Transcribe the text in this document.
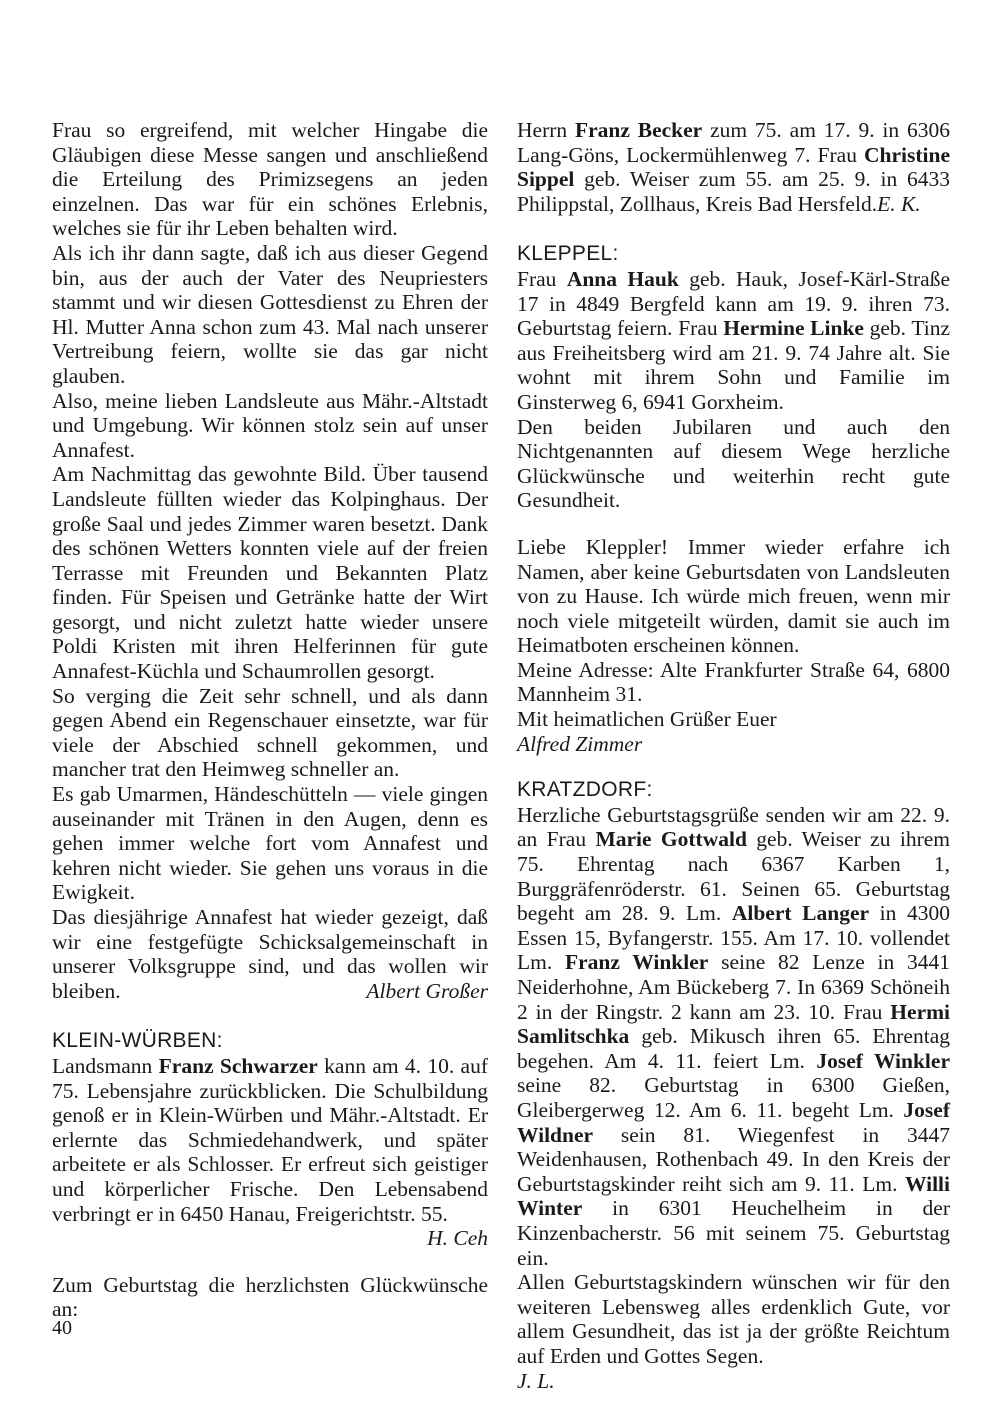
Frau so ergreifend, mit welcher Hingabe die Gläubigen diese Messe sangen und anschließend die Erteilung des Primizsegens an jeden einzelnen. Das war für ein schönes Erlebnis, welches sie für ihr Leben behalten wird.

Als ich ihr dann sagte, daß ich aus dieser Gegend bin, aus der auch der Vater des Neupriesters stammt und wir diesen Gottesdienst zu Ehren der Hl. Mutter Anna schon zum 43. Mal nach unserer Vertreibung feiern, wollte sie das gar nicht glauben.

Also, meine lieben Landsleute aus Mähr.-Altstadt und Umgebung. Wir können stolz sein auf unser Annafest.

Am Nachmittag das gewohnte Bild. Über tausend Landsleute füllten wieder das Kolpinghaus. Der große Saal und jedes Zimmer waren besetzt. Dank des schönen Wetters konnten viele auf der freien Terrasse mit Freunden und Bekannten Platz finden. Für Speisen und Getränke hatte der Wirt gesorgt, und nicht zuletzt hatte wieder unsere Poldi Kristen mit ihren Helferinnen für gute Annafest-Küchla und Schaumrollen gesorgt.

So verging die Zeit sehr schnell, und als dann gegen Abend ein Regenschauer einsetzte, war für viele der Abschied schnell gekommen, und mancher trat den Heimweg schneller an.

Es gab Umarmen, Händeschütteln — viele gingen auseinander mit Tränen in den Augen, denn es gehen immer welche fort vom Annafest und kehren nicht wieder. Sie gehen uns voraus in die Ewigkeit.

Das diesjährige Annafest hat wieder gezeigt, daß wir eine festgefügte Schicksalgemeinschaft in unserer Volksgruppe sind, und das wollen wir bleiben.	Albert Großer

KLEIN-WÜRBEN:

Landsmann Franz Schwarzer kann am 4. 10. auf 75. Lebensjahre zurückblicken. Die Schulbildung genoß er in Klein-Würben und Mähr.-Altstadt. Er erlernte das Schmiedehandwerk, und später arbeitete er als Schlosser. Er erfreut sich geistiger und körperlicher Frische. Den Lebensabend verbringt er in 6450 Hanau, Freigerichtstr. 55.
H. Ceh

Zum Geburtstag die herzlichsten Glückwünsche an:

40

Herrn Franz Becker zum 75. am 17. 9. in 6306 Lang-Göns, Lockermühlenweg 7. Frau Christine Sippel geb. Weiser zum 55. am 25. 9. in 6433 Philippstal, Zollhaus, Kreis Bad Hersfeld.E. K.

KLEPPEL:

Frau Anna Hauk geb. Hauk, Josef-Kärl-Straße 17 in 4849 Bergfeld kann am 19. 9. ihren 73. Geburtstag feiern. Frau Hermine Linke geb. Tinz aus Freiheitsberg wird am 21. 9. 74 Jahre alt. Sie wohnt mit ihrem Sohn und Familie im Ginsterweg 6, 6941 Gorxheim.

Den beiden Jubilaren und auch den Nichtgenannten auf diesem Wege herzliche Glückwünsche und weiterhin recht gute Gesundheit.

Liebe Kleppler! Immer wieder erfahre ich Namen, aber keine Geburtsdaten von Landsleuten von zu Hause. Ich würde mich freuen, wenn mir noch viele mitgeteilt würden, damit sie auch im Heimatboten erscheinen können.

Meine Adresse: Alte Frankfurter Straße 64, 6800 Mannheim 31.

Mit heimatlichen Grüßer Euer

Alfred Zimmer

KRATZDORF:

Herzliche Geburtstagsgrüße senden wir am 22. 9. an Frau Marie Gottwald geb. Weiser zu ihrem 75. Ehrentag nach 6367 Karben 1, Burggräfenröderstr. 61. Seinen 65. Geburtstag begeht am 28. 9. Lm. Albert Langer in 4300 Essen 15, Byfangerstr. 155. Am 17. 10. vollendet Lm. Franz Winkler seine 82 Lenze in 3441 Neiderhohne, Am Bückeberg 7. In 6369 Schöneih 2 in der Ringstr. 2 kann am 23. 10. Frau Hermi Samlitschka geb. Mikusch ihren 65. Ehrentag begehen. Am 4. 11. feiert Lm. Josef Winkler seine 82. Geburtstag in 6300 Gießen, Gleibergerweg 12. Am 6. 11. begeht Lm. Josef Wildner sein 81. Wiegenfest in 3447 Weidenhausen, Rothenbach 49. In den Kreis der Geburtstagskinder reiht sich am 9. 11. Lm. Willi Winter in 6301 Heuchelheim in der Kinzenbacherstr. 56 mit seinem 75. Geburtstag ein.

Allen Geburtstagskindern wünschen wir für den weiteren Lebensweg alles erdenklich Gute, vor allem Gesundheit, das ist ja der größte Reichtum auf Erden und Gottes Segen.

J. L.
